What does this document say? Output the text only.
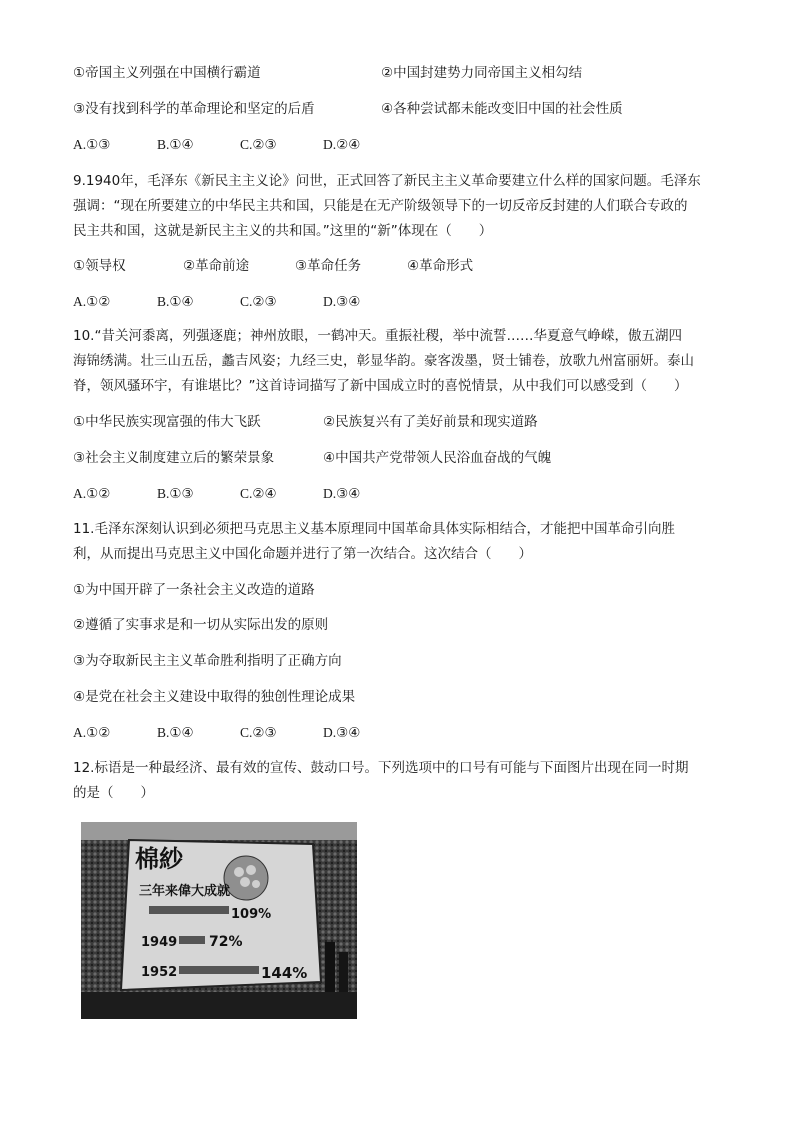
①帝国主义列强在中国横行霸道	②中国封建势力同帝国主义相勾结
③没有找到科学的革命理论和坚定的后盾	④各种尝试都未能改变旧中国的社会性质
A.①③	B.①④	C.②③	D.②④
9.1940年，毛泽东《新民主主义论》问世，正式回答了新民主主义革命要建立什么样的国家问题。毛泽东
强调：“现在所要建立的中华民主共和国，只能是在无产阶级领导下的一切反帝反封建的人们联合专政的
民主共和国，这就是新民主主义的共和国。”这里的“新”体现在（　　）
①领导权	②革命前途	③革命任务	④革命形式
A.①②	B.①④	C.②③	D.③④
10.“昔关河黍离，列强逐鹿；神州放眼，一鹤冲天。重振社稷，举中流誓……华夏意气峥嵘，傲五湖四
海锦绣满。壮三山五岳，蠡吉风姿；九经三史，彰显华韵。豪客泼墨，贤士铺卷，放歌九州富丽妍。泰山
脊，领风骚环宇，有谁堪比？”这首诗词描写了新中国成立时的喜悦情景，从中我们可以感受到（　　）
①中华民族实现富强的伟大飞跃	②民族复兴有了美好前景和现实道路
③社会主义制度建立后的繁荣景象	④中国共产党带领人民浴血奋战的气魄
A.①②	B.①③	C.②④	D.③④
11.毛泽东深刻认识到必须把马克思主义基本原理同中国革命具体实际相结合，才能把中国革命引向胜
利，从而提出马克思主义中国化命题并进行了第一次结合。这次结合（　　）
①为中国开辟了一条社会主义改造的道路
②遵循了实事求是和一切从实际出发的原则
③为夺取新民主主义革命胜利指明了正确方向
④是党在社会主义建设中取得的独创性理论成果
A.①②	B.①④	C.②③	D.③④
12.标语是一种最经济、最有效的宣传、鼓动口号。下列选项中的口号有可能与下面图片出现在同一时期
的是（　　）
棉紗
三年来偉大成就
109%
1949 72%
1952	144%
